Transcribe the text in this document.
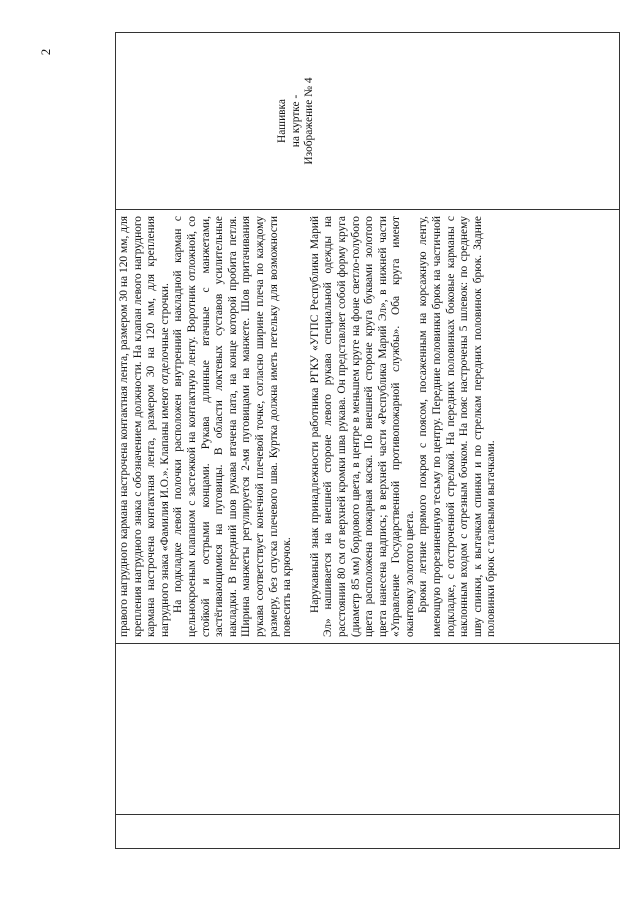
2

правого нагрудного кармана настрочена контактная лента, размером 30 на 120 мм, для крепления нагрудного знака с обозначением должности. На клапан левого нагрудного кармана настрочена контактная лента, размером 30 на 120 мм, для крепления нагрудного знака «Фамилия И.О.». Клапаны имеют отделочные строчки. На подкладке левой полочки расположен внутренний накладной карман с цельнокроеным клапаном с застежкой на контактную ленту. Воротник отложной, со стойкой и острыми концами. Рукава длинные втачные с манжетами, застёгивающимися на пуговицы. В области локтевых суставов усилительные накладки. В передний шов рукава втачена пата, на конце которой пробита петля. Ширина манжеты регулируется 2-мя пуговицами на манжете. Шов притачивания рукава соответствует конечной плечевой точке, согласно ширине плеча по каждому размеру, без спуска плечевого шва. Куртка должна иметь петельку для возможности повесить на крючок. Нарукавный знак принадлежности работника РГКУ «УГПС Республики Марий Эл» нашивается на внешней стороне левого рукава специальной одежды на расстоянии 80 см от верхней кромки шва рукава. Он представляет собой форму круга (диаметр 85 мм) бордового цвета, в центре в меньшем круге на фоне светло-голубого цвета расположена пожарная каска. По внешней стороне круга буквами золотого цвета нанесена надпись; в верхней части «Республика Марий Эл», в нижней части «Управление Государственной противопожарной службы». Оба круга имеют окантовку золотого цвета. Брюки летние прямого покроя с поясом, посаженным на корсажную ленту, имеющую прорезиненную тесьму по центру. Передние половинки брюк на частичной подкладке, с отстроченной стрелкой. На передних половинках боковые карманы с наклонным входом с отрезным бочком. На пояс настрочены 5 шлевок: по среднему шву спинки, к вытачкам спинки и по стрелкам передних половинок брюк. Задние половинки брюк с талевыми вытачками.

Нашивка на куртке - Изображение № 4
